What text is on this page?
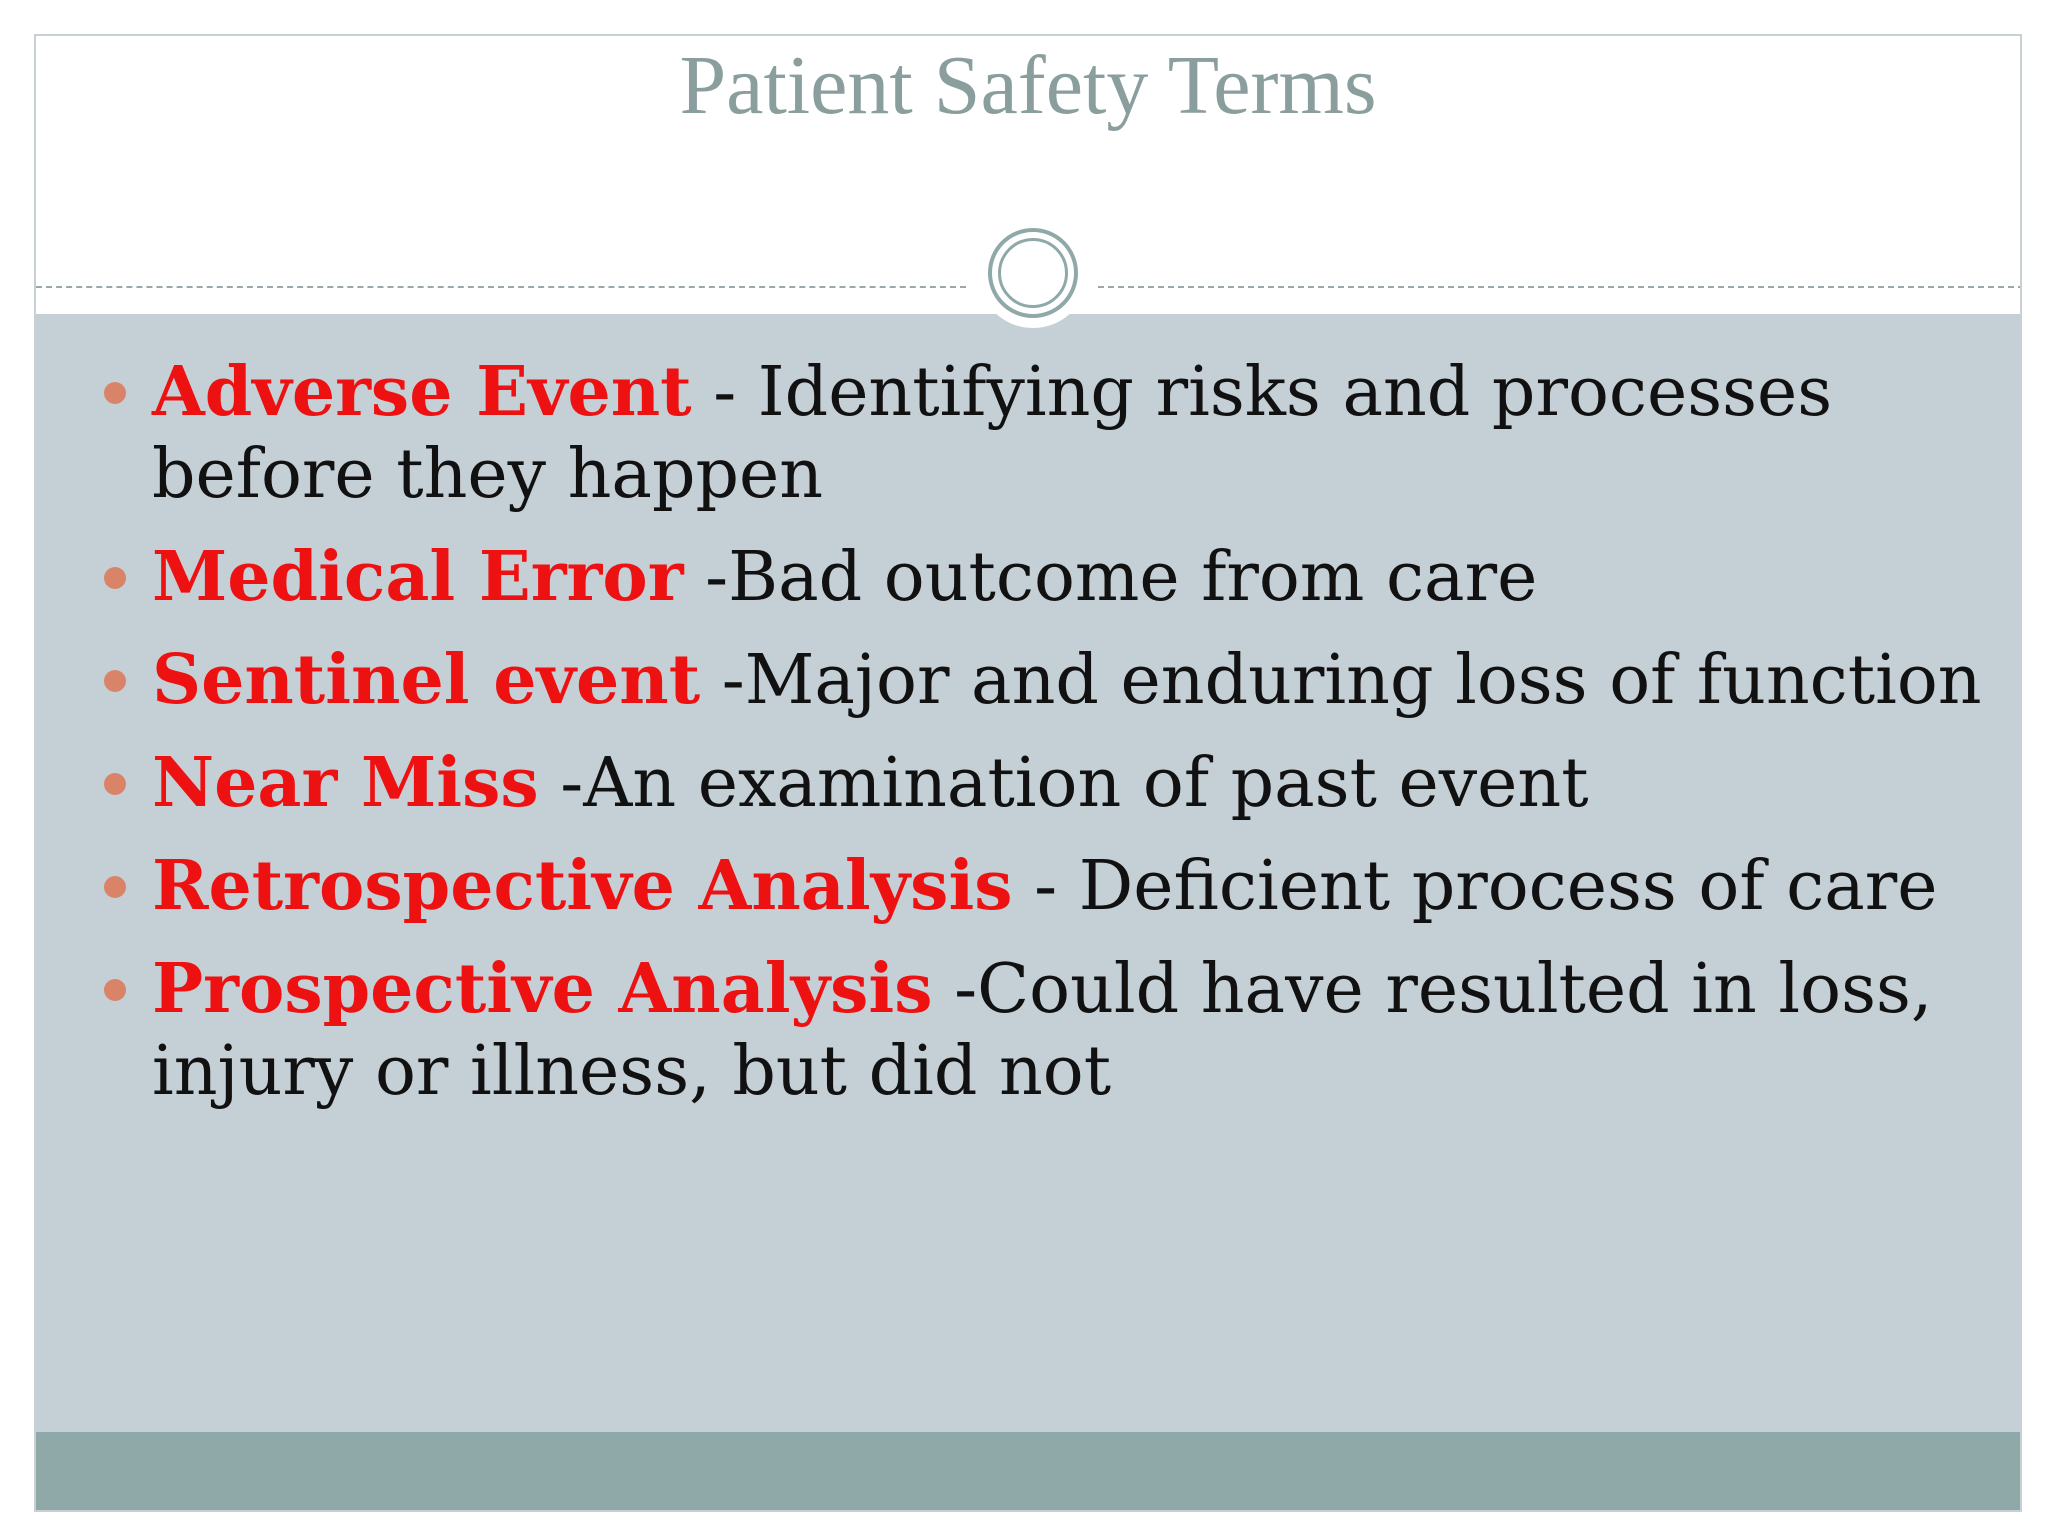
Patient Safety Terms
Adverse Event - Identifying risks and processes before they happen
Medical Error -Bad outcome from care
Sentinel event -Major and enduring loss of function
Near Miss -An examination of past event
Retrospective Analysis - Deficient process of care
Prospective Analysis -Could have resulted in loss, injury or illness, but did not
